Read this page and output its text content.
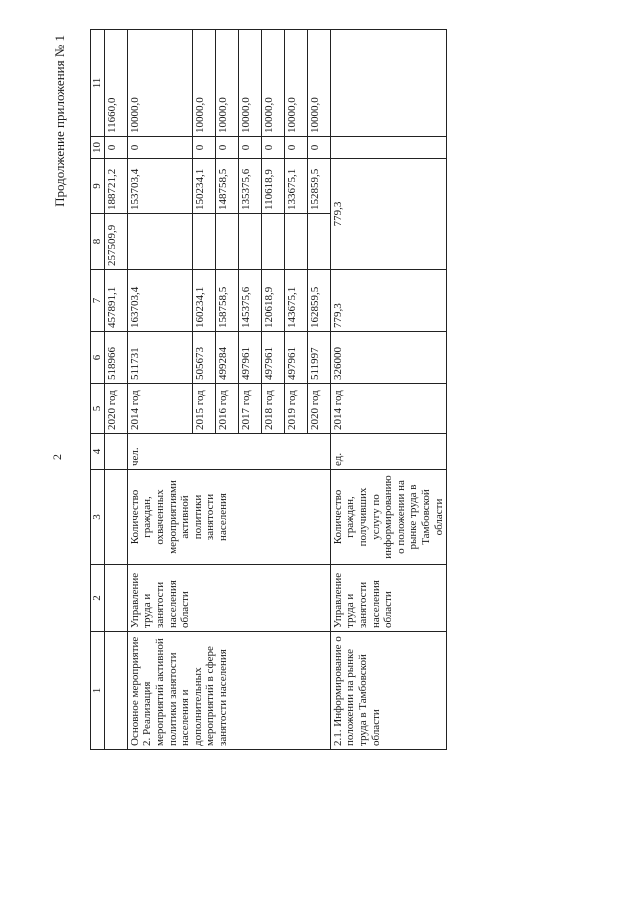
2
Продолжение приложения № 1
1	2	3	4	5	6	7	8	9	10	11
				2020 год	518966	457891,1	257509,9	188721,2	0	11660,0
Основное мероприятие 2. Реализация мероприятий активной политики занятости населения и дополнительных мероприятий в сфере занятости населения	Управление труда и занятости населения области	Количество граждан, охваченных мероприятиями активной политики занятости населения	чел.	2014 год	511731	163703,4		153703,4	0	10000,0
				2015 год	505673	160234,1		150234,1	0	10000,0
				2016 год	499284	158758,5		148758,5	0	10000,0
				2017 год	497961	145375,6		135375,6	0	10000,0
				2018 год	497961	120618,9		110618,9	0	10000,0
				2019 год	497961	143675,1		133675,1	0	10000,0
				2020 год	511997	162859,5		152859,5	0	10000,0
2.1. Информирование о положении на рынке труда в Тамбовской области	Управление труда и занятости населения области	Количество граждан, получивших услугу по информированию о положении на рынке труда в Тамбовской области	ед.	2014 год	326000	779,3	779,3			
